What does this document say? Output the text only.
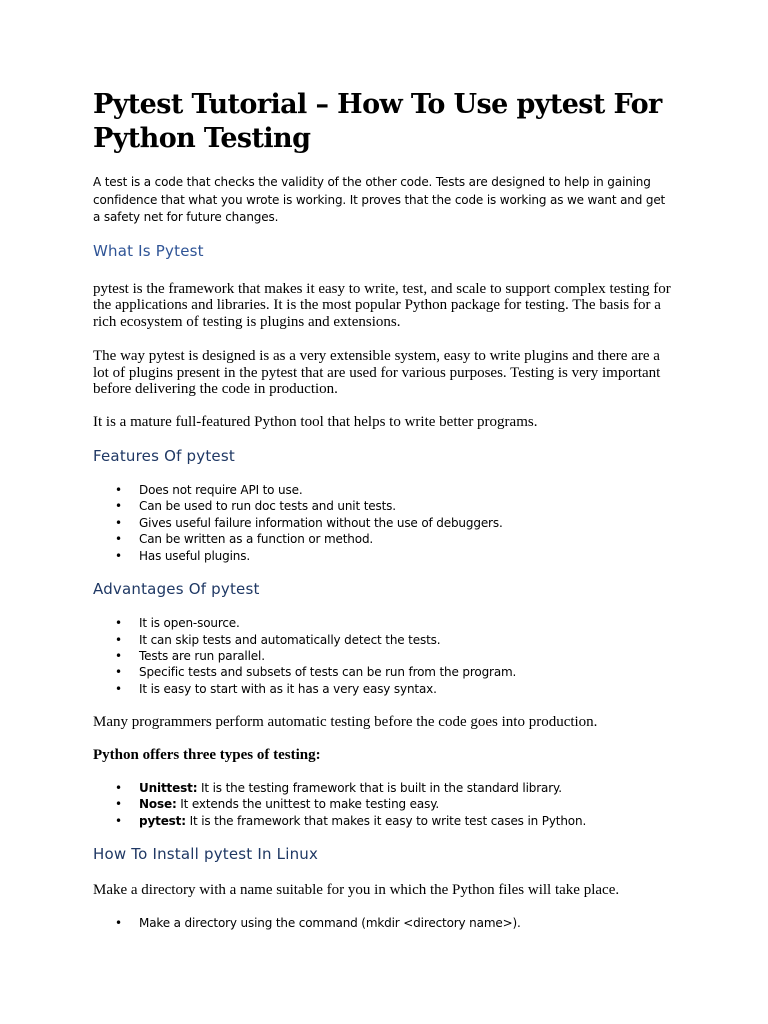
Pytest Tutorial – How To Use pytest For Python Testing

A test is a code that checks the validity of the other code. Tests are designed to help in gaining confidence that what you wrote is working. It proves that the code is working as we want and get a safety net for future changes.

What Is Pytest

pytest is the framework that makes it easy to write, test, and scale to support complex testing for the applications and libraries. It is the most popular Python package for testing. The basis for a rich ecosystem of testing is plugins and extensions.

The way pytest is designed is as a very extensible system, easy to write plugins and there are a lot of plugins present in the pytest that are used for various purposes. Testing is very important before delivering the code in production.

It is a mature full-featured Python tool that helps to write better programs.

Features Of pytest
• Does not require API to use.
• Can be used to run doc tests and unit tests.
• Gives useful failure information without the use of debuggers.
• Can be written as a function or method.
• Has useful plugins.
Advantages Of pytest
• It is open-source.
• It can skip tests and automatically detect the tests.
• Tests are run parallel.
• Specific tests and subsets of tests can be run from the program.
• It is easy to start with as it has a very easy syntax.

Many programmers perform automatic testing before the code goes into production.

Python offers three types of testing:

• Unittest: It is the testing framework that is built in the standard library.
• Nose: It extends the unittest to make testing easy.
• pytest: It is the framework that makes it easy to write test cases in Python.
How To Install pytest In Linux

Make a directory with a name suitable for you in which the Python files will take place.

• Make a directory using the command (mkdir <directory name>).
